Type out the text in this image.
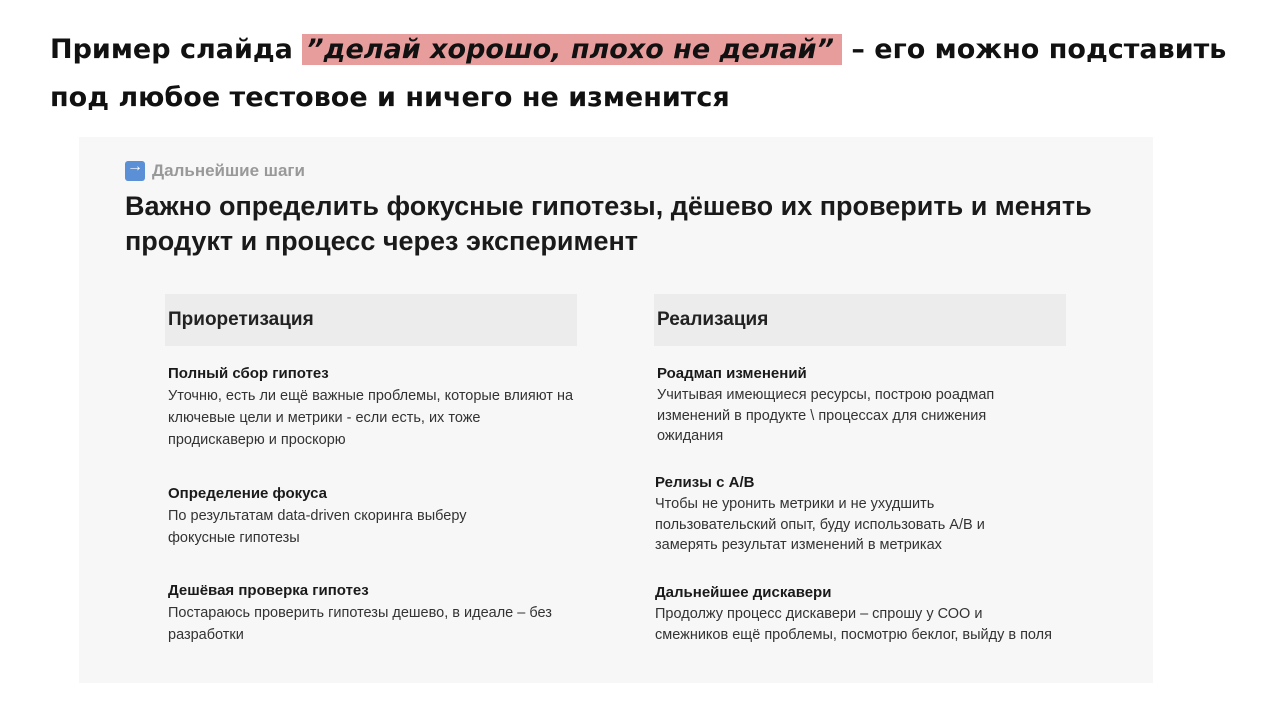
Пример слайда ”делай хорошо, плохо не делай” – его можно подставить под любое тестовое и ничего не изменится
→
Дальнейшие шаги
Важно определить фокусные гипотезы, дёшево их проверить и менять продукт и процесс через эксперимент
Приоретизация
Полный сбор гипотез
Уточню, есть ли ещё важные проблемы, которые влияют на ключевые цели и метрики - если есть, их тоже продискаверю и проскорю
Определение фокуса
По результатам data-driven скоринга выберу фокусные гипотезы
Дешёвая проверка гипотез
Постараюсь проверить гипотезы дешево, в идеале – без разработки
Реализация
Роадмап изменений
Учитывая имеющиеся ресурсы, построю роадмап изменений в продукте \ процессах для снижения ожидания
Релизы с A/B
Чтобы не уронить метрики и не ухудшить пользовательский опыт, буду использовать A/B и замерять результат изменений в метриках
Дальнейшее дискавери
Продолжу процесс дискавери – спрошу у СОО и смежников ещё проблемы, посмотрю беклог, выйду в поля
